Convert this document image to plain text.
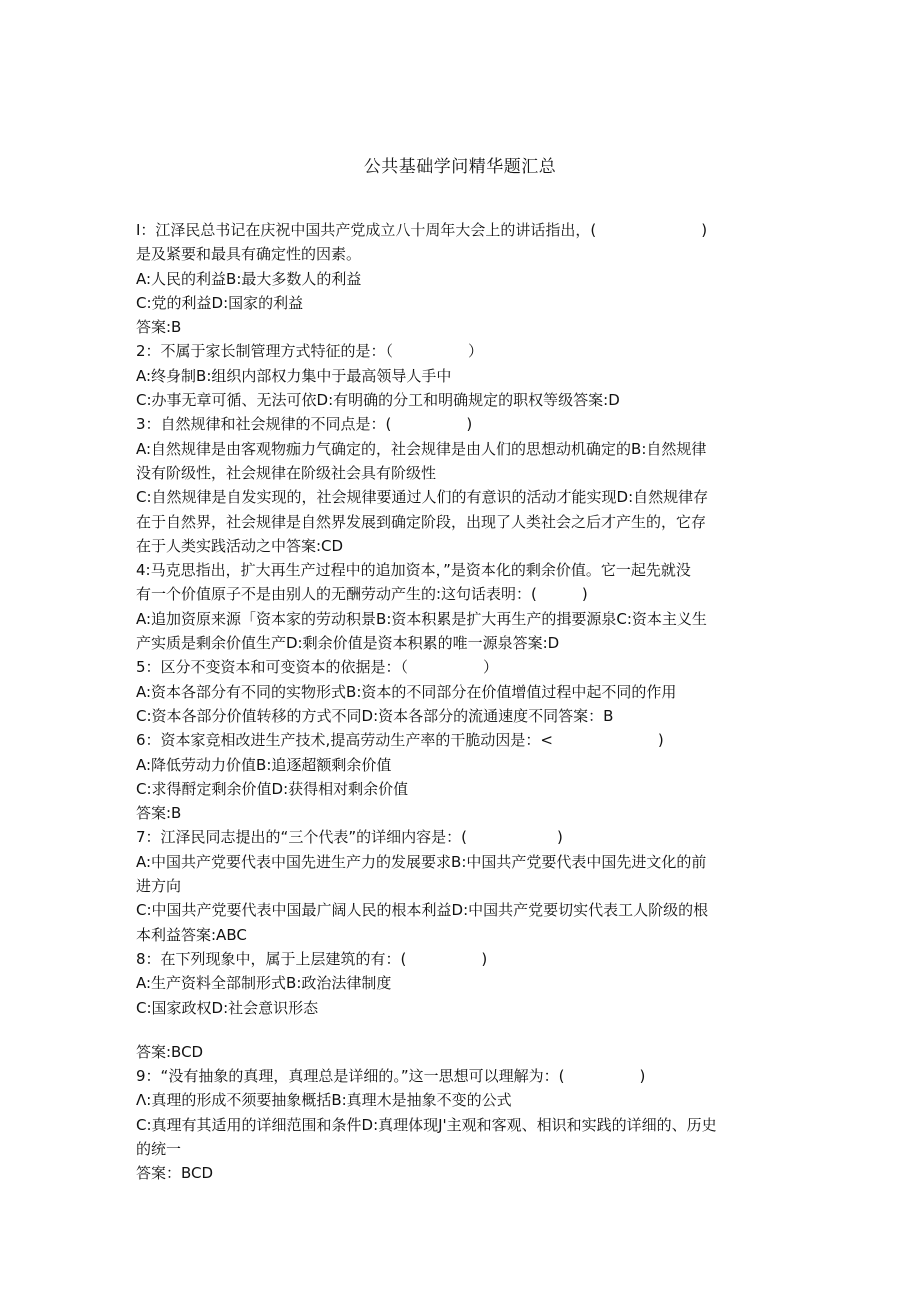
公共基础学问精华题汇总
I：江泽民总书记在庆祝中国共产党成立八十周年大会上的讲话指出，(　　　　　　　)
是及紧要和最具有确定性的因素。
A:人民的利益B:最大多数人的利益
C:党的利益D:国家的利益
答案:B
2：不属于家长制管理方式特征的是：（　　　　　）
A:终身制B:组织内部权力集中于最高领导人手中
C:办事无章可循、无法可依D:有明确的分工和明确规定的职权等级答案:D
3：自然规律和社会规律的不同点是：(　　　　　)
A:自然规律是由客观物痂力气确定的，社会规律是由人们的思想动机确定的B:自然规律
没有阶级性，社会规律在阶级社会具有阶级性
C:自然规律是自发实现的，社会规律要通过人们的有意识的活动才能实现D:自然规律存
在于自然界，社会规律是自然界发展到确定阶段，出现了人类社会之后才产生的，它存
在于人类实践活动之中答案:CD
4:马克思指出，扩大再生产过程中的追加资本，”是资本化的剩余价值。它一起先就没
有一个价值原子不是由别人的无酬劳动产生的:这句话表明：(　　　)
A:追加资原来源「资本家的劳动积景B:资本积累是扩大再生产的揖要源泉C:资本主义生
产实质是剩余价值生产D:剩余价值是资本积累的唯一源泉答案:D
5：区分不变资本和可变资本的依据是：（　　　　　）
A:资本各部分有不同的实物形式B:资本的不同部分在价值增值过程中起不同的作用
C:资本各部分价值转移的方式不同D:资本各部分的流通速度不同答案：B
6：资本家竞相改进生产技术,提高劳动生产率的干脆动因是：<　　　　　　　)
A:降低劳动力价值B:追逐超额剩余价值
C:求得酹定剩余价值D:获得相对剩余价值
答案:B
7：江泽民同志提出的“三个代表”的详细内容是：(　　　　　　)
A:中国共产党要代表中国先进生产力的发展要求B:中国共产党要代表中国先进文化的前
进方向
C:中国共产党要代表中国最广阔人民的根本利益D:中国共产党要切实代表工人阶级的根
本利益答案:ABC
8：在下列现象中，属于上层建筑的有：(　　　　　)
A:生产资料全部制形式B:政治法律制度
C:国家政权D:社会意识形态
答案:BCD
9：“没有抽象的真理，真理总是详细的。”这一思想可以理解为：(　　　　　)
Λ:真理的形成不须要抽象概括B:真理木是抽象不变的公式
C:真理有其适用的详细范围和条件D:真理体现J'主观和客观、相识和实践的详细的、历史
的统一
答案：BCD
